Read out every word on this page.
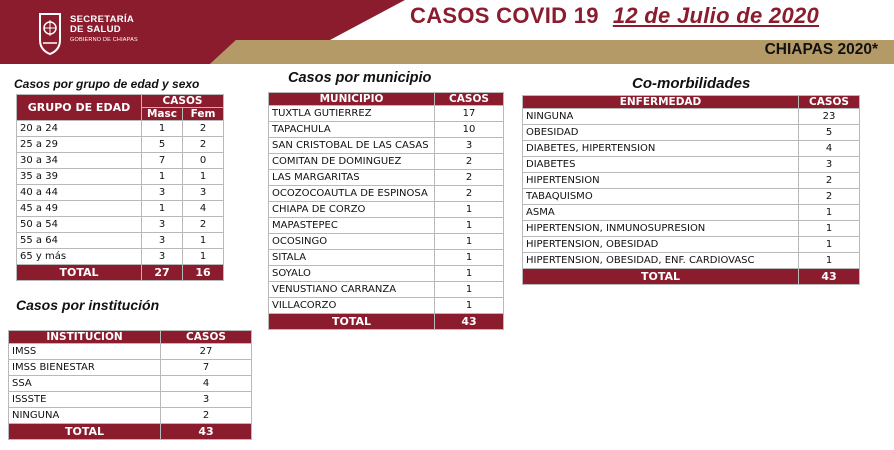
SECRETARÍA
DE SALUD
GOBIERNO DE CHIAPAS
CASOS COVID 19 12 de Julio de 2020
CHIAPAS 2020*
Casos por grupo de edad y sexo
GRUPO DE EDAD	CASOS	
	Masc	Fem
20 a 24	1	2
25 a 29	5	2
30 a 34	7	0
35 a 39	1	1
40 a 44	3	3
45 a 49	1	4
50 a 54	3	2
55 a 64	3	1
65 y más	3	1
TOTAL	27	16
Casos por institución
INSTITUCION	CASOS
IMSS	27
IMSS BIENESTAR	7
SSA	4
ISSSTE	3
NINGUNA	2
TOTAL	43
Casos por municipio
MUNICIPIO	CASOS
TUXTLA GUTIERREZ	17
TAPACHULA	10
SAN CRISTOBAL DE LAS CASAS	3
COMITAN DE DOMINGUEZ	2
LAS MARGARITAS	2
OCOZOCOAUTLA DE ESPINOSA	2
CHIAPA DE CORZO	1
MAPASTEPEC	1
OCOSINGO	1
SITALA	1
SOYALO	1
VENUSTIANO CARRANZA	1
VILLACORZO	1
TOTAL	43
Co-morbilidades
ENFERMEDAD	CASOS
NINGUNA	23
OBESIDAD	5
DIABETES, HIPERTENSION	4
DIABETES	3
HIPERTENSION	2
TABAQUISMO	2
ASMA	1
HIPERTENSION, INMUNOSUPRESION	1
HIPERTENSION, OBESIDAD	1
HIPERTENSION, OBESIDAD, ENF. CARDIOVASC	1
TOTAL	43
